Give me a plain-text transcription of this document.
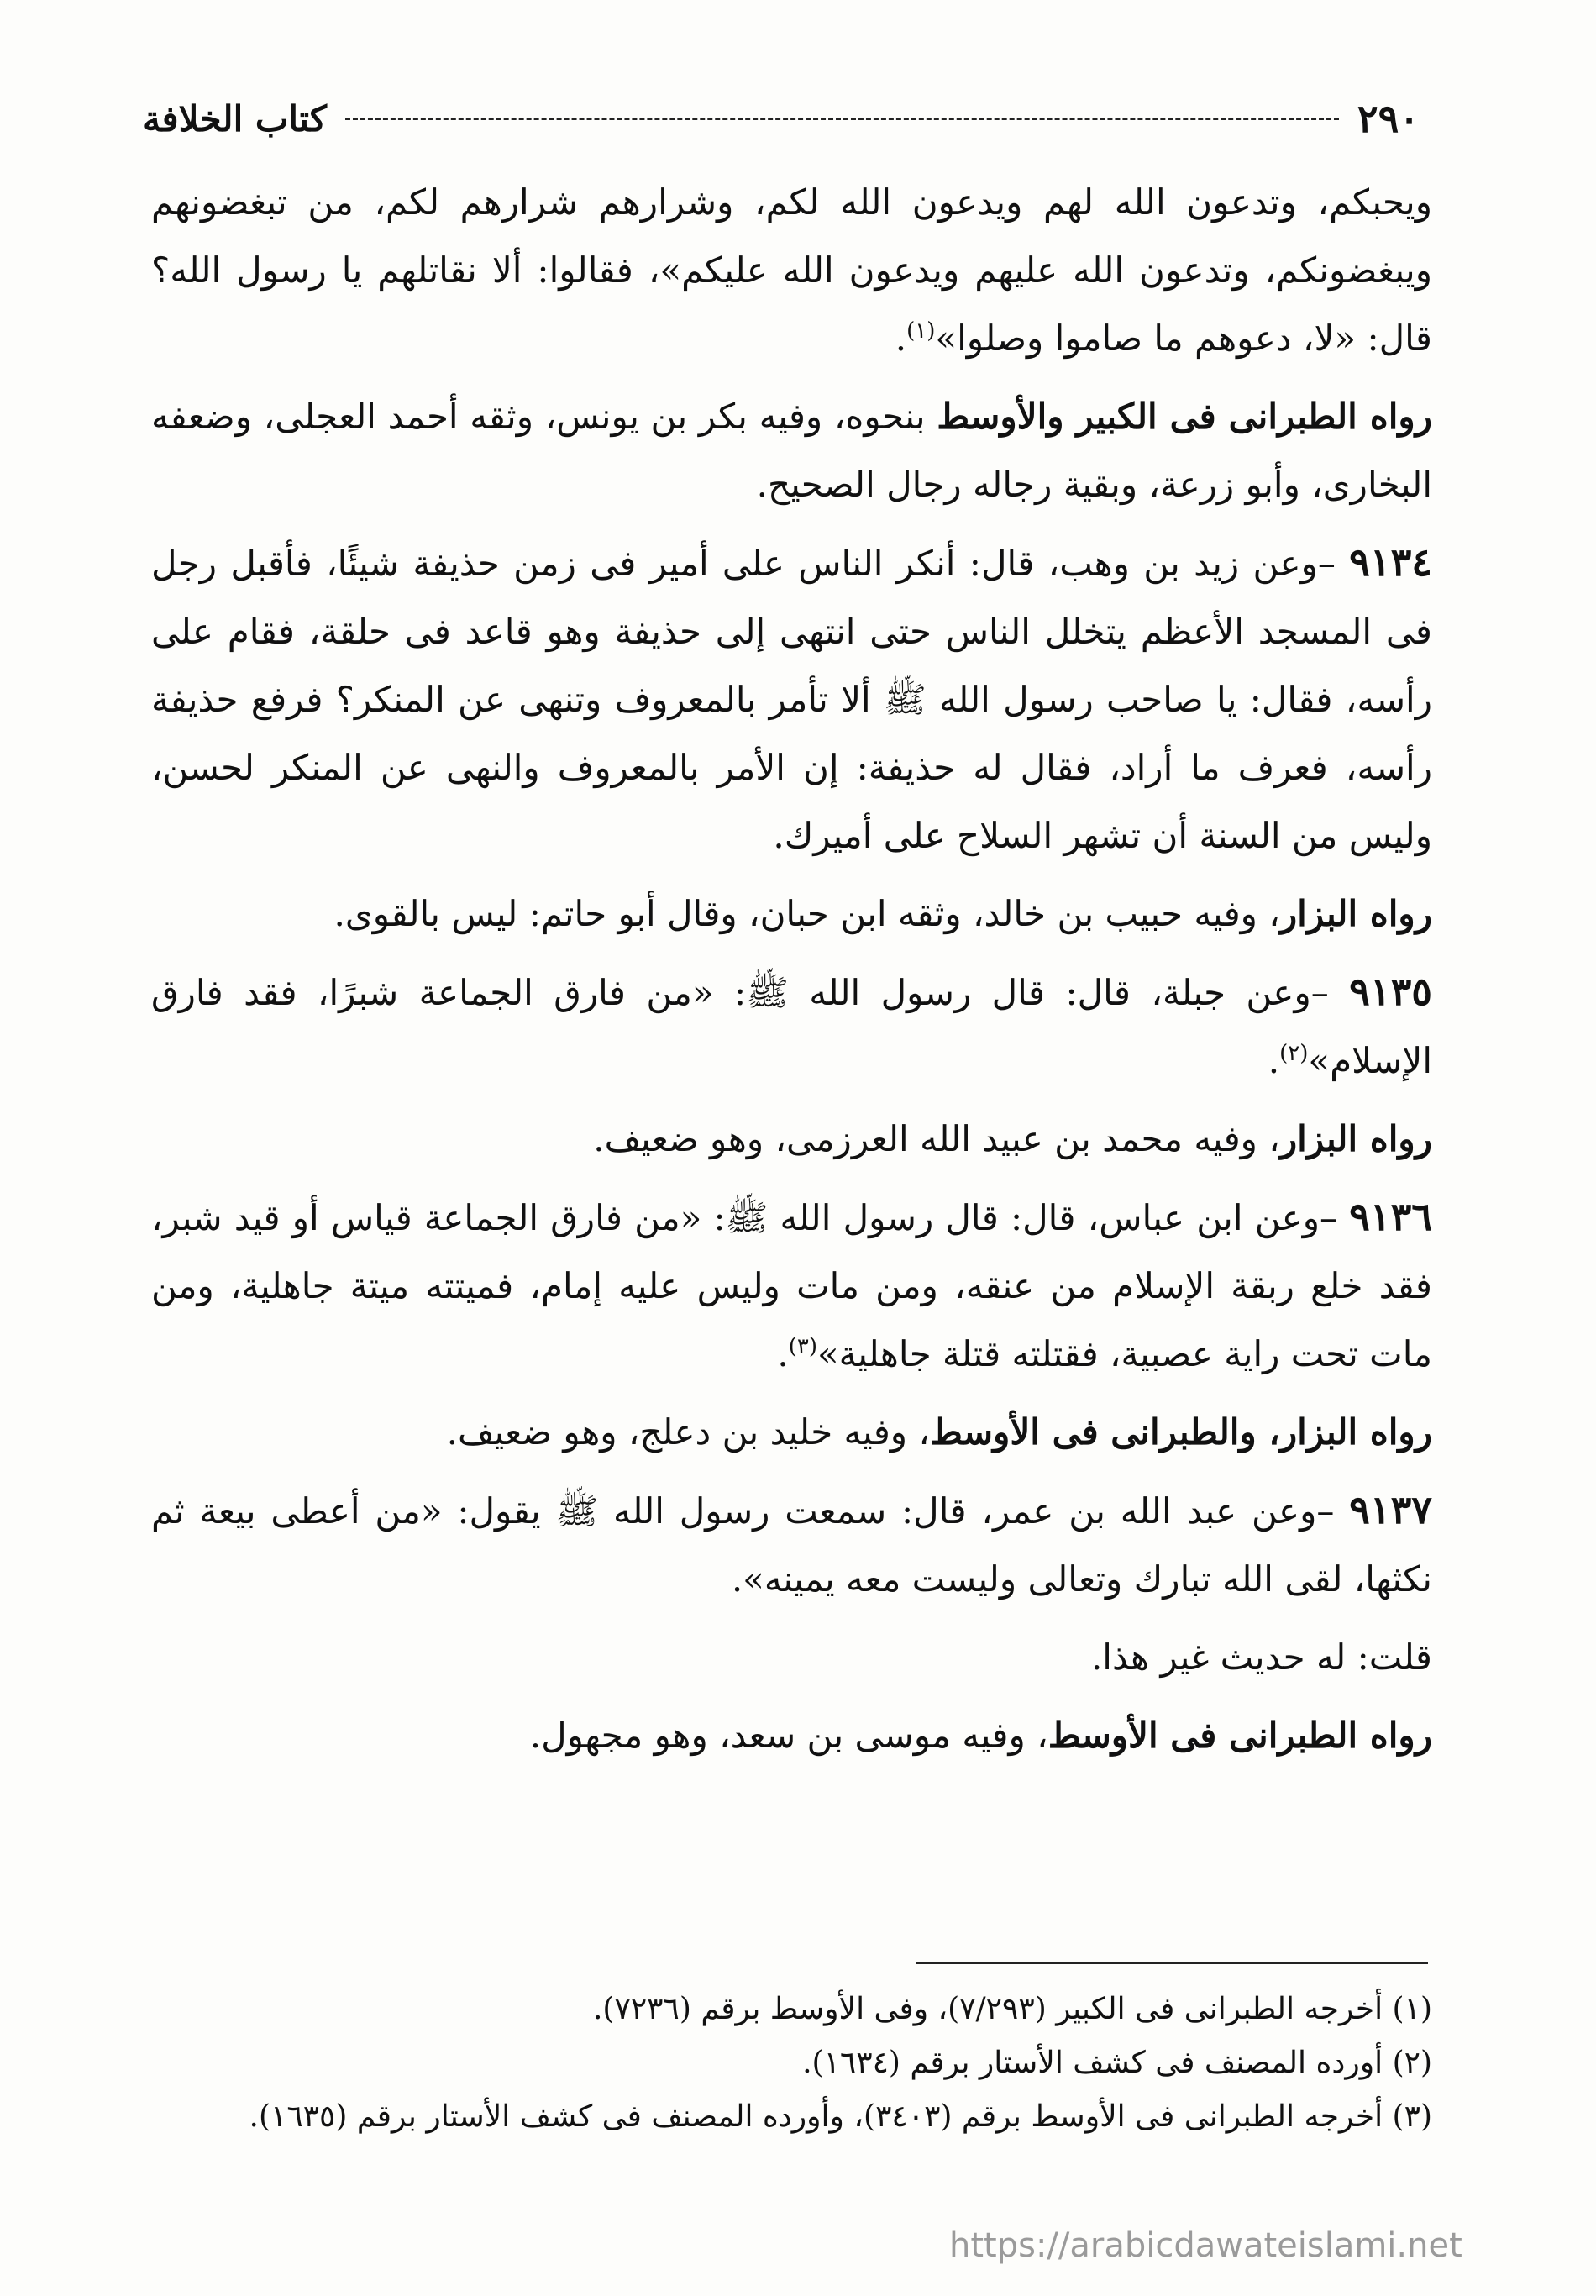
٢٩٠
كتاب الخلافة

ويحبكم، وتدعون الله لهم ويدعون الله لكم، وشرارهم شرارهم لكم، من تبغضونهم ويبغضونكم، وتدعون الله عليهم ويدعون الله عليكم»، فقالوا: ألا نقاتلهم يا رسول الله؟ قال: «لا، دعوهم ما صاموا وصلوا»$^{(١)}$.

رواه الطبرانى فى الكبير والأوسط بنحوه، وفيه بكر بن يونس، وثقه أحمد العجلى، وضعفه البخارى، وأبو زرعة، وبقية رجاله رجال الصحيح.

٩١٣٤ –وعن زيد بن وهب، قال: أنكر الناس على أمير فى زمن حذيفة شيئًا، فأقبل رجل فى المسجد الأعظم يتخلل الناس حتى انتهى إلى حذيفة وهو قاعد فى حلقة، فقام على رأسه، فقال: يا صاحب رسول الله ﷺ ألا تأمر بالمعروف وتنهى عن المنكر؟ فرفع حذيفة رأسه، فعرف ما أراد، فقال له حذيفة: إن الأمر بالمعروف والنهى عن المنكر لحسن، وليس من السنة أن تشهر السلاح على أميرك.

رواه البزار، وفيه حبيب بن خالد، وثقه ابن حبان، وقال أبو حاتم: ليس بالقوى.

٩١٣٥ –وعن جبلة، قال: قال رسول الله ﷺ: «من فارق الجماعة شبرًا، فقد فارق الإسلام»$^{(٢)}$.

رواه البزار، وفيه محمد بن عبيد الله العرزمى، وهو ضعيف.

٩١٣٦ –وعن ابن عباس، قال: قال رسول الله ﷺ: «من فارق الجماعة قياس أو قيد شبر، فقد خلع ربقة الإسلام من عنقه، ومن مات وليس عليه إمام، فميتته ميتة جاهلية، ومن مات تحت راية عصبية، فقتلته قتلة جاهلية»$^{(٣)}$.

رواه البزار، والطبرانى فى الأوسط، وفيه خليد بن دعلج، وهو ضعيف.

٩١٣٧ –وعن عبد الله بن عمر، قال: سمعت رسول الله ﷺ يقول: «من أعطى بيعة ثم نكثها، لقى الله تبارك وتعالى وليست معه يمينه».

قلت: له حديث غير هذا.

رواه الطبرانى فى الأوسط، وفيه موسى بن سعد، وهو مجهول.

(١) أخرجه الطبرانى فى الكبير (٧/٢٩٣)، وفى الأوسط برقم (٧٢٣٦).

(٢) أورده المصنف فى كشف الأستار برقم (١٦٣٤).

(٣) أخرجه الطبرانى فى الأوسط برقم (٣٤٠٣)، وأورده المصنف فى كشف الأستار برقم (١٦٣٥).

https://arabicdawateislami.net
